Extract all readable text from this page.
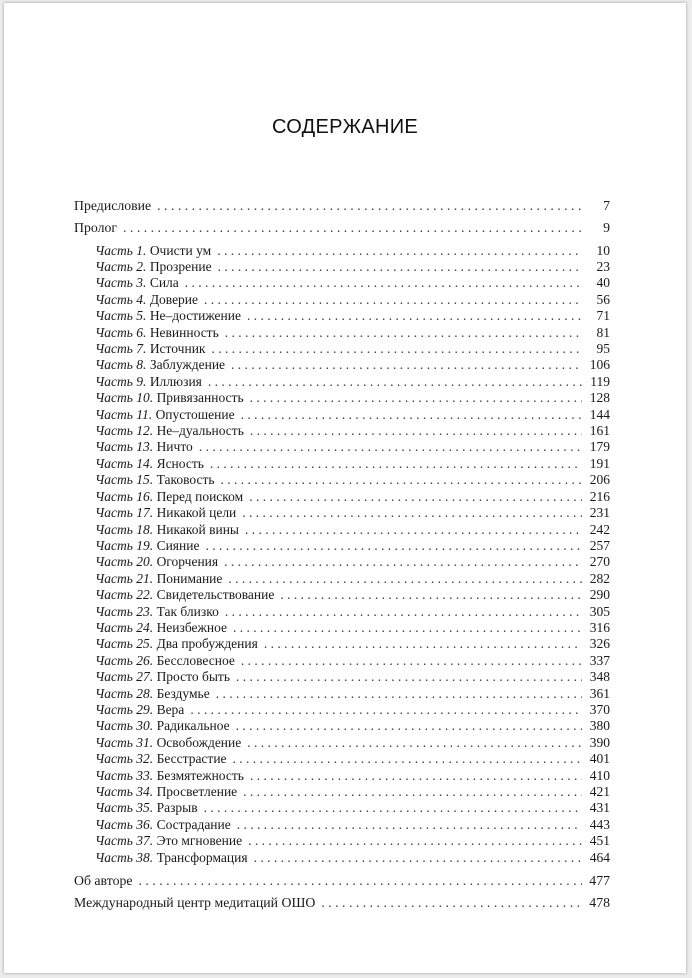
СОДЕРЖАНИЕ
Предисловие . . .	7
Пролог . . .	9
Часть 1. Очисти ум . . .	10
Часть 2. Прозрение . . .	23
Часть 3. Сила . . .	40
Часть 4. Доверие . . .	56
Часть 5. Не–достижение . . .	71
Часть 6. Невинность . . .	81
Часть 7. Источник . . .	95
Часть 8. Заблуждение . . .	106
Часть 9. Иллюзия . . .	119
Часть 10. Привязанность . . .	128
Часть 11. Опустошение . . .	144
Часть 12. Не–дуальность . . .	161
Часть 13. Ничто . . .	179
Часть 14. Ясность . . .	191
Часть 15. Таковость . . .	206
Часть 16. Перед поиском . . .	216
Часть 17. Никакой цели . . .	231
Часть 18. Никакой вины . . .	242
Часть 19. Сияние . . .	257
Часть 20. Огорчения . . .	270
Часть 21. Понимание . . .	282
Часть 22. Свидетельствование . . .	290
Часть 23. Так близко . . .	305
Часть 24. Неизбежное . . .	316
Часть 25. Два пробуждения . . .	326
Часть 26. Бессловесное . . .	337
Часть 27. Просто быть . . .	348
Часть 28. Бездумье . . .	361
Часть 29. Вера . . .	370
Часть 30. Радикальное . . .	380
Часть 31. Освобождение . . .	390
Часть 32. Бесстрастие . . .	401
Часть 33. Безмятежность . . .	410
Часть 34. Просветление . . .	421
Часть 35. Разрыв . . .	431
Часть 36. Сострадание . . .	443
Часть 37. Это мгновение . . .	451
Часть 38. Трансформация . . .	464
Об авторе . . .	477
Международный центр медитаций ОШО . . .	478
